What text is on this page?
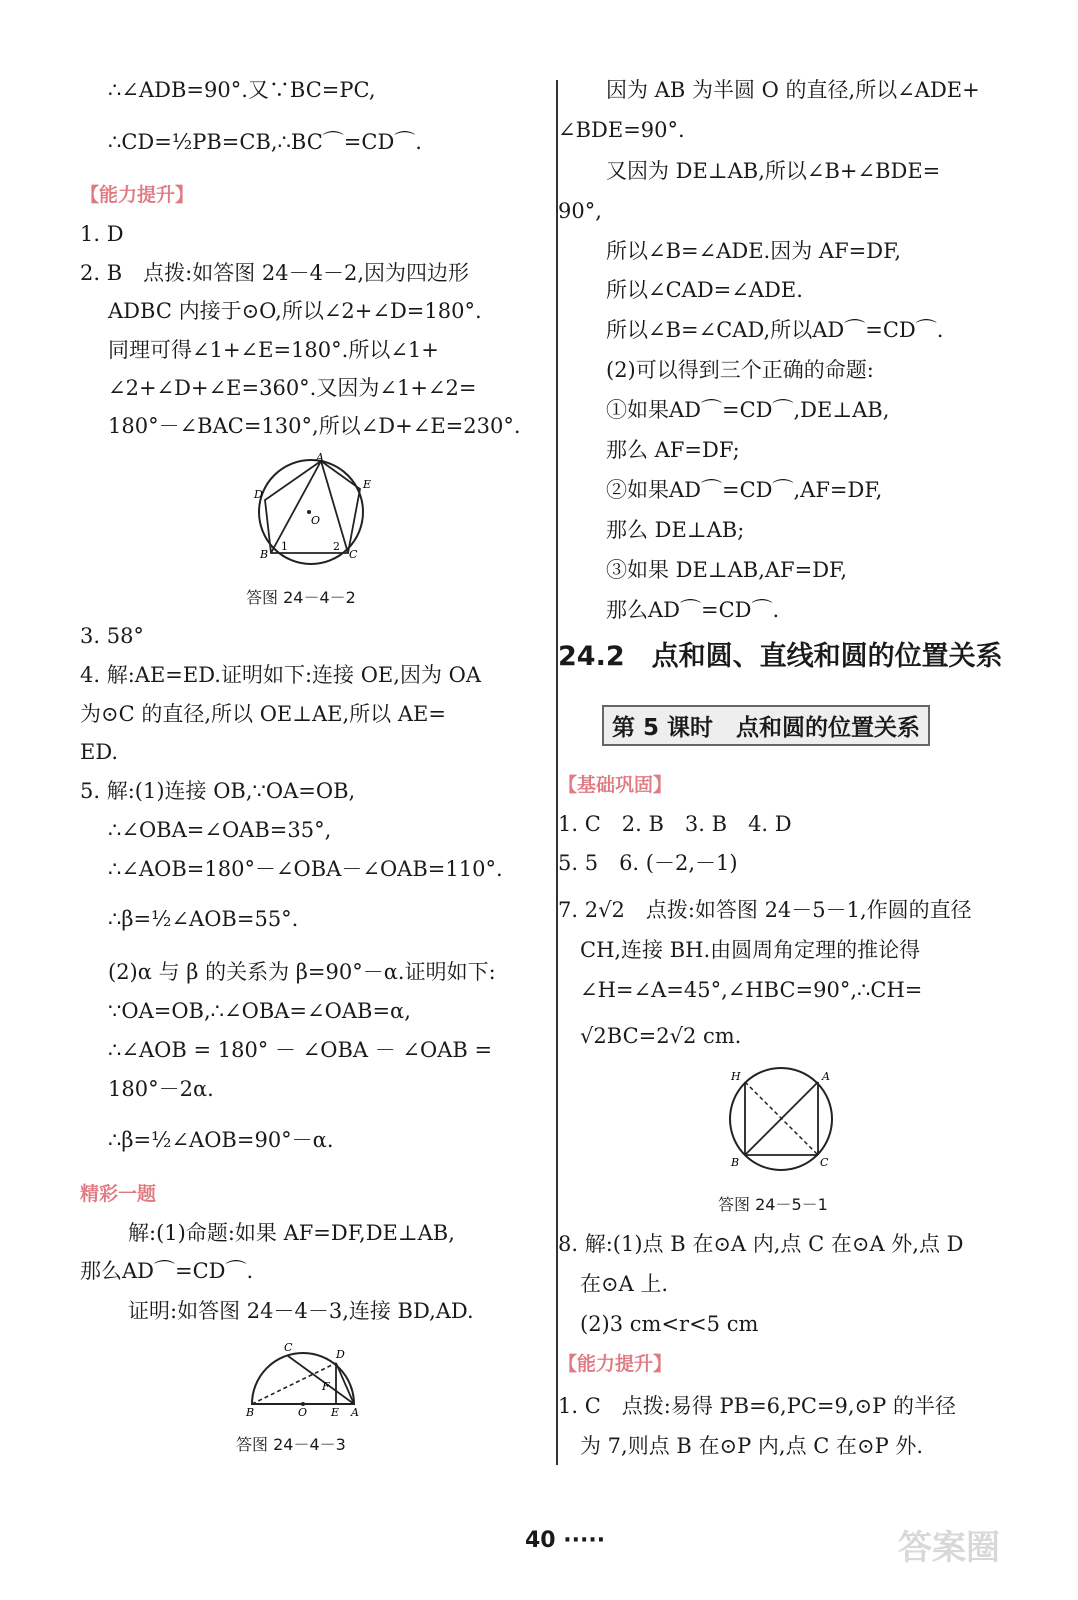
∴∠ADB=90°.又∵BC=PC,
∴CD=½PB=CB,∴BC⌒=CD⌒.
【能力提升】
1. D
2. B　点拨:如答图 24－4－2,因为四边形
ADBC 内接于⊙O,所以∠2+∠D=180°.
同理可得∠1+∠E=180°.所以∠1+
∠2+∠D+∠E=360°.又因为∠1+∠2=
180°－∠BAC=130°,所以∠D+∠E=230°.
A
D
E
O
B	C
1	2
答图 24－4－2
3. 58°
4. 解:AE=ED.证明如下:连接 OE,因为 OA
为⊙C 的直径,所以 OE⊥AE,所以 AE=
ED.
5. 解:(1)连接 OB,∵OA=OB,
∴∠OBA=∠OAB=35°,
∴∠AOB=180°－∠OBA－∠OAB=110°.
∴β=½∠AOB=55°.
(2)α 与 β 的关系为 β=90°－α.证明如下:
∵OA=OB,∴∠OBA=∠OAB=α,
∴∠AOB = 180° － ∠OBA － ∠OAB =
180°－2α.
∴β=½∠AOB=90°－α.
精彩一题
解:(1)命题:如果 AF=DF,DE⊥AB,
那么AD⌒=CD⌒.
证明:如答图 24－4－3,连接 BD,AD.
C
D
F
B	O E A
答图 24－4－3
因为 AB 为半圆 O 的直径,所以∠ADE+
∠BDE=90°.
又因为 DE⊥AB,所以∠B+∠BDE=
90°,
所以∠B=∠ADE.因为 AF=DF,
所以∠CAD=∠ADE.
所以∠B=∠CAD,所以AD⌒=CD⌒.
(2)可以得到三个正确的命题:
①如果AD⌒=CD⌒,DE⊥AB,
那么 AF=DF;
②如果AD⌒=CD⌒,AF=DF,
那么 DE⊥AB;
③如果 DE⊥AB,AF=DF,
那么AD⌒=CD⌒.
24.2　点和圆、直线和圆的位置关系
第 5 课时　点和圆的位置关系
【基础巩固】
1. C　2. B　3. B　4. D
5. 5　6. (－2,－1)
7. 2√2　点拨:如答图 24－5－1,作圆的直径
CH,连接 BH.由圆周角定理的推论得
∠H=∠A=45°,∠HBC=90°,∴CH=
√2BC=2√2 cm.
H	A
B	C
答图 24－5－1
8. 解:(1)点 B 在⊙A 内,点 C 在⊙A 外,点 D
在⊙A 上.
(2)3 cm<r<5 cm
【能力提升】
1. C　点拨:易得 PB=6,PC=9,⊙P 的半径
为 7,则点 B 在⊙P 内,点 C 在⊙P 外.
40 ·····	答案圈
